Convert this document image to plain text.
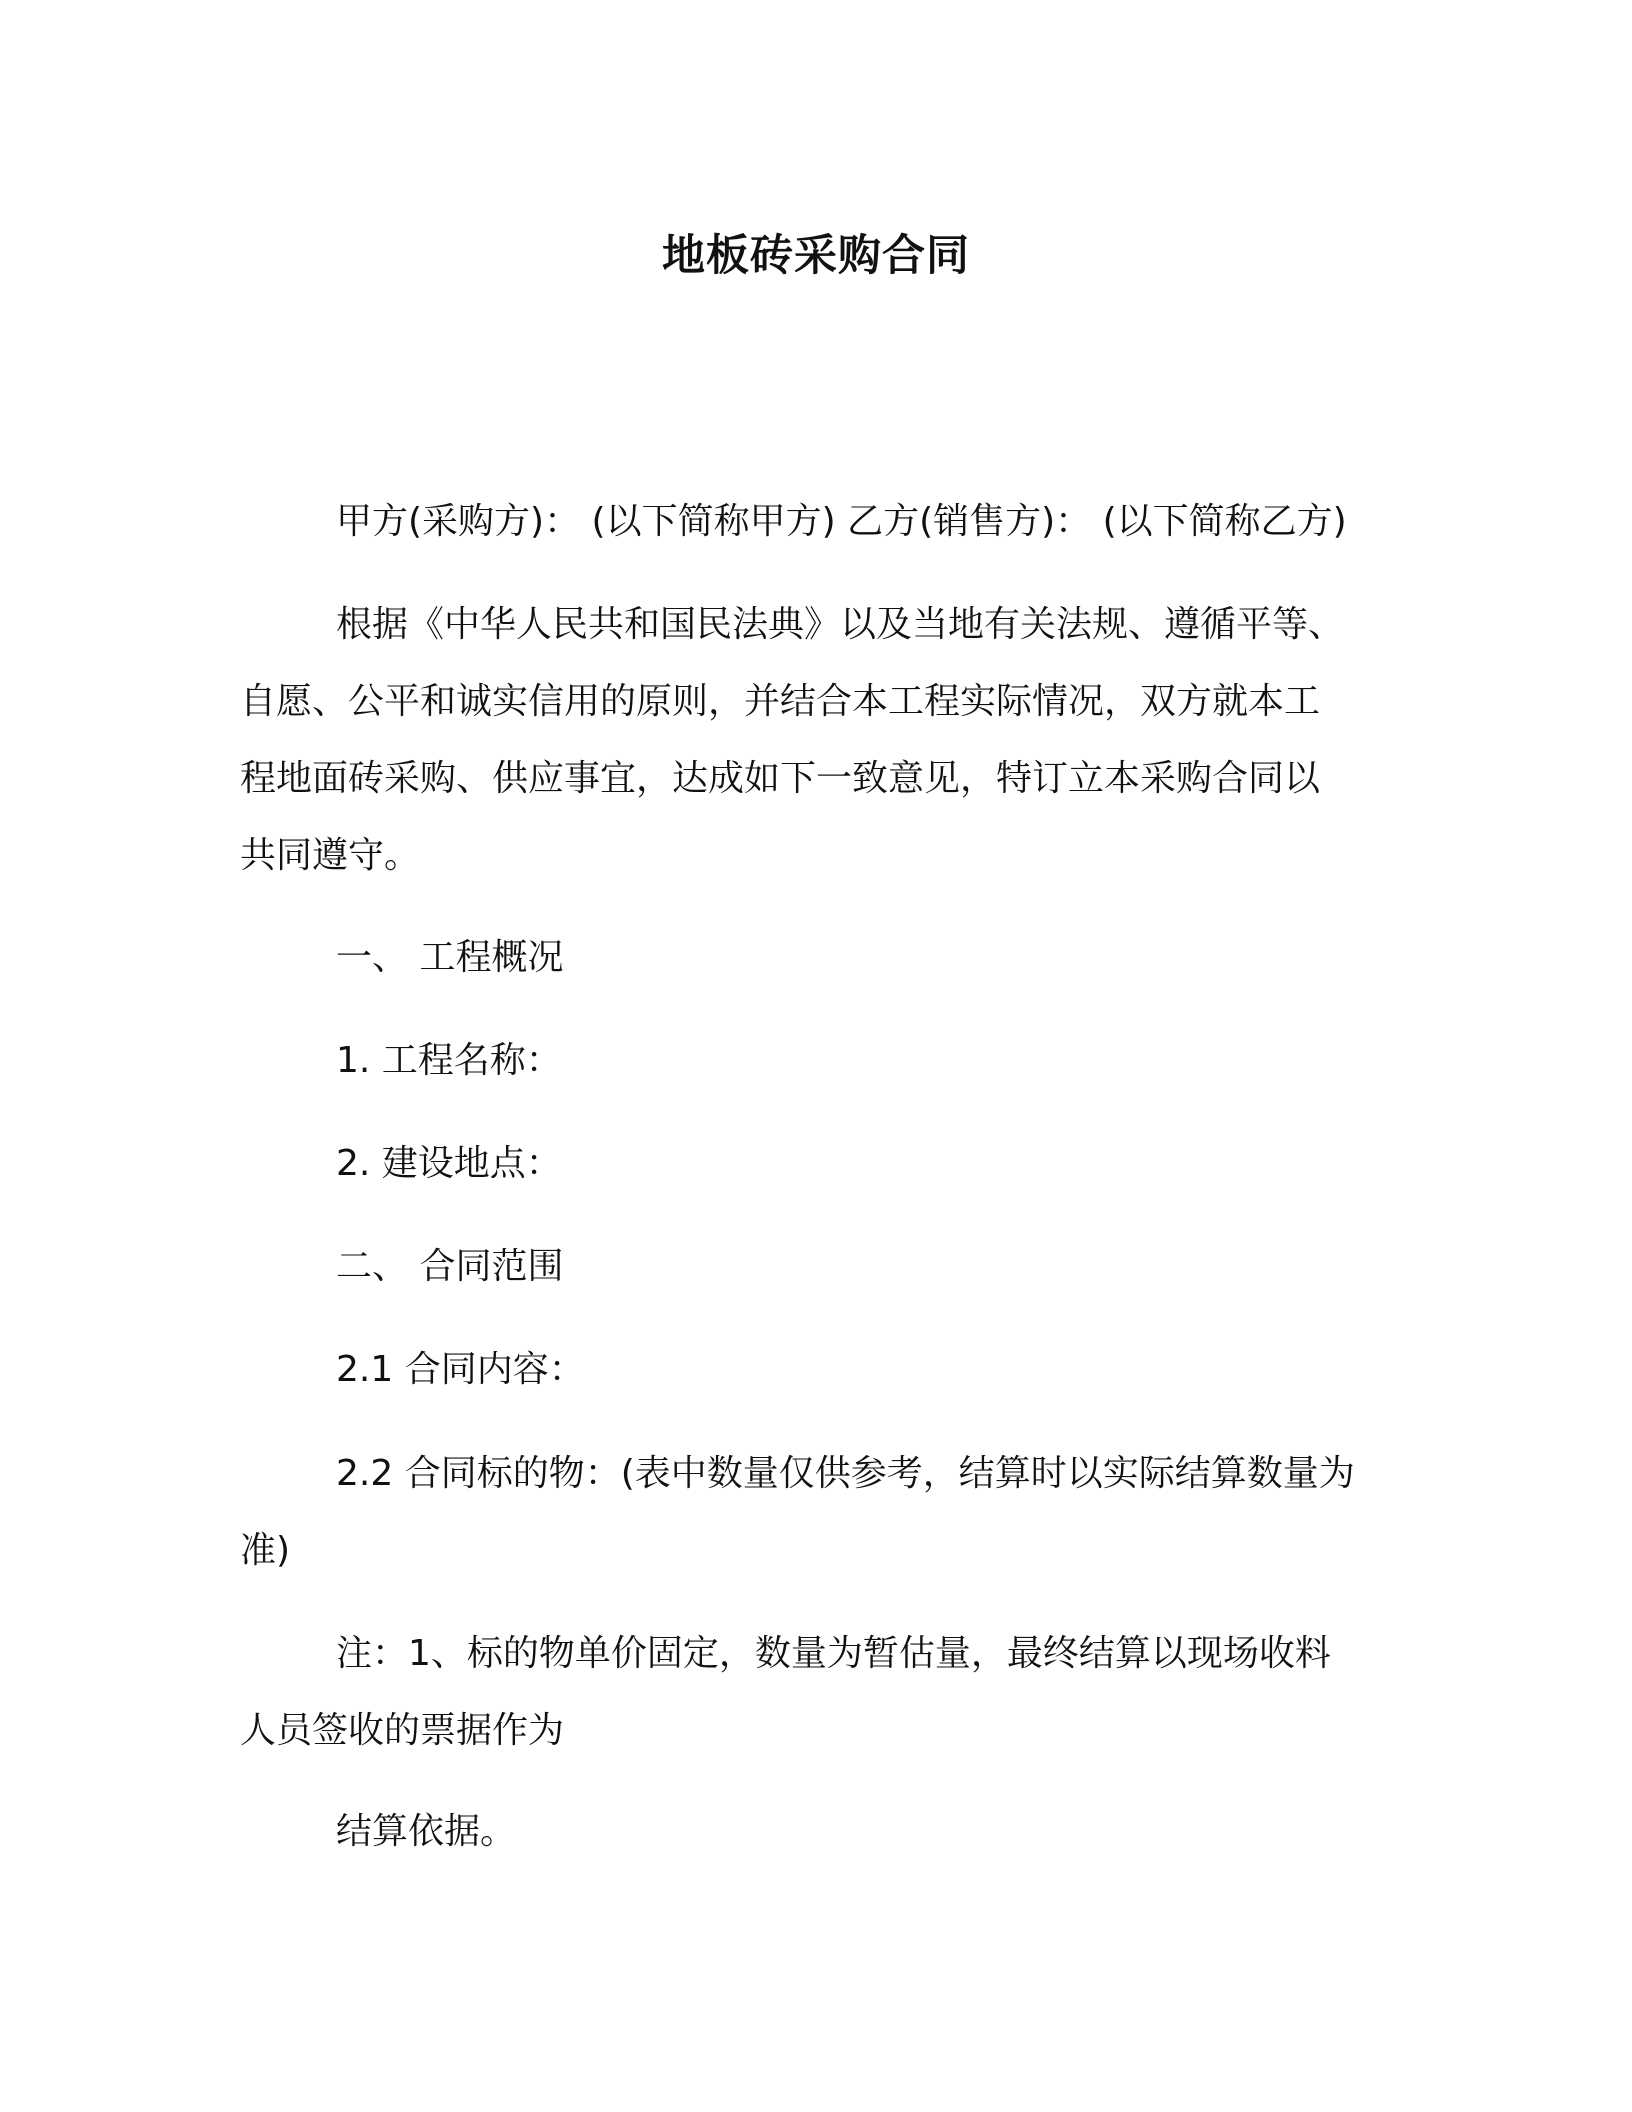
地板砖采购合同
甲方(采购方)： (以下简称甲方) 乙方(销售方)： (以下简称乙方)
根据《中华人民共和国民法典》以及当地有关法规、遵循平等、
自愿、公平和诚实信用的原则，并结合本工程实际情况，双方就本工
程地面砖采购、供应事宜，达成如下一致意见，特订立本采购合同以
共同遵守。
一、 工程概况
1. 工程名称：
2. 建设地点：
二、 合同范围
2.1 合同内容：
2.2 合同标的物：(表中数量仅供参考，结算时以实际结算数量为
准)
注：1、标的物单价固定，数量为暂估量，最终结算以现场收料
人员签收的票据作为
结算依据。
